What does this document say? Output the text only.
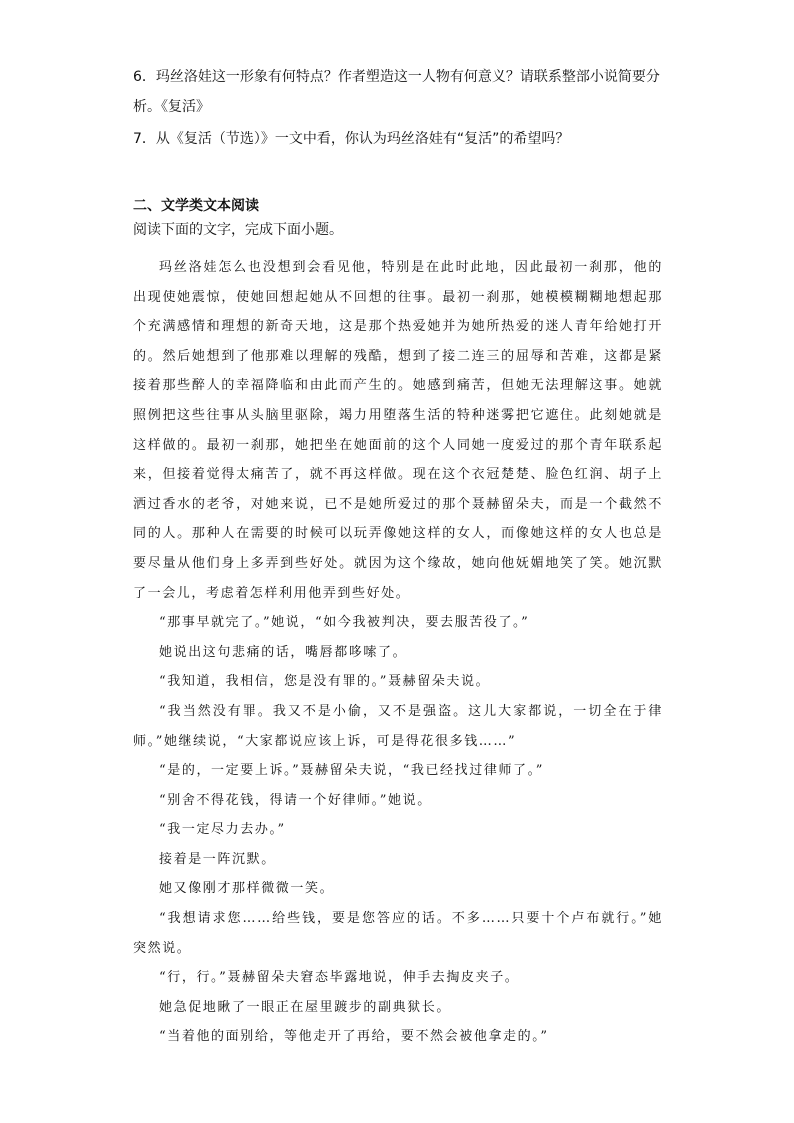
6．玛丝洛娃这一形象有何特点？作者塑造这一人物有何意义？请联系整部小说简要分
析。《复活》
7．从《复活（节选）》一文中看，你认为玛丝洛娃有“复活”的希望吗？
二、文学类文本阅读
阅读下面的文字，完成下面小题。

玛丝洛娃怎么也没想到会看见他，特别是在此时此地，因此最初一刹那，他的出现使她震惊，使她回想起她从不回想的往事。最初一刹那，她模模糊糊地想起那个充满感情和理想的新奇天地，这是那个热爱她并为她所热爱的迷人青年给她打开的。然后她想到了他那难以理解的残酷，想到了接二连三的屈辱和苦难，这都是紧接着那些醉人的幸福降临和由此而产生的。她感到痛苦，但她无法理解这事。她就照例把这些往事从头脑里驱除，竭力用堕落生活的特种迷雾把它遮住。此刻她就是这样做的。最初一刹那，她把坐在她面前的这个人同她一度爱过的那个青年联系起来，但接着觉得太痛苦了，就不再这样做。现在这个衣冠楚楚、脸色红润、胡子上洒过香水的老爷，对她来说，已不是她所爱过的那个聂赫留朵夫，而是一个截然不同的人。那种人在需要的时候可以玩弄像她这样的女人，而像她这样的女人也总是要尽量从他们身上多弄到些好处。就因为这个缘故，她向他妩媚地笑了笑。她沉默了一会儿，考虑着怎样利用他弄到些好处。

“那事早就完了。”她说，“如今我被判决，要去服苦役了。”

她说出这句悲痛的话，嘴唇都哆嗦了。

“我知道，我相信，您是没有罪的。”聂赫留朵夫说。

“我当然没有罪。我又不是小偷，又不是强盗。这儿大家都说，一切全在于律师。”她继续说，“大家都说应该上诉，可是得花很多钱……”

“是的，一定要上诉。”聂赫留朵夫说，“我已经找过律师了。”

“别舍不得花钱，得请一个好律师。”她说。

“我一定尽力去办。”

接着是一阵沉默。

她又像刚才那样微微一笑。

“我想请求您……给些钱，要是您答应的话。不多……只要十个卢布就行。”她突然说。

“行，行。”聂赫留朵夫窘态毕露地说，伸手去掏皮夹子。

她急促地瞅了一眼正在屋里踱步的副典狱长。

“当着他的面别给，等他走开了再给，要不然会被他拿走的。”
